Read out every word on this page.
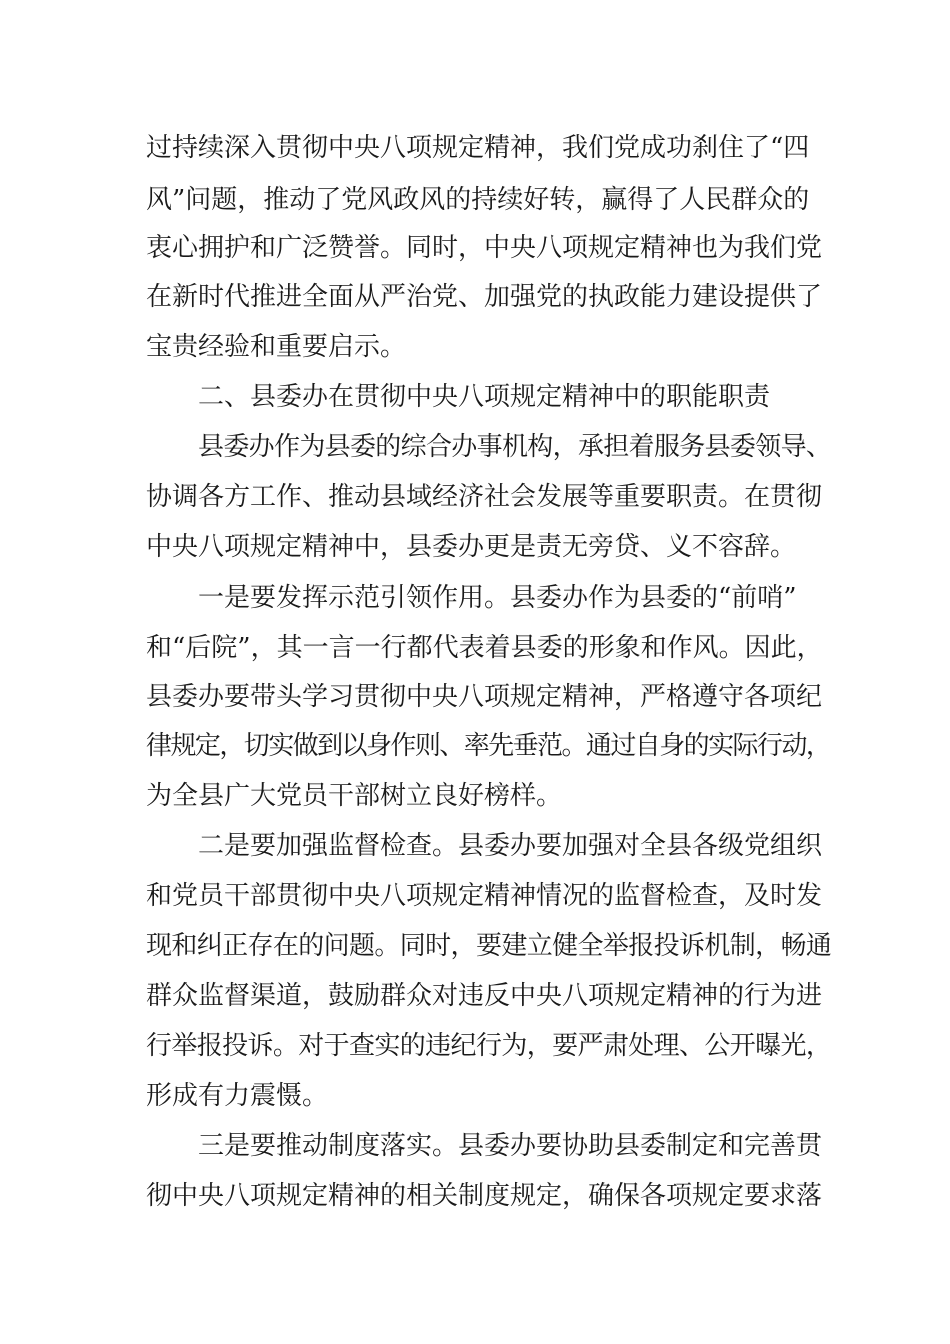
过持续深入贯彻中央八项规定精神，我们党成功刹住了“四
风”问题，推动了党风政风的持续好转，赢得了人民群众的
衷心拥护和广泛赞誉。同时，中央八项规定精神也为我们党
在新时代推进全面从严治党、加强党的执政能力建设提供了
宝贵经验和重要启示。
二、县委办在贯彻中央八项规定精神中的职能职责
县委办作为县委的综合办事机构，承担着服务县委领导、
协调各方工作、推动县域经济社会发展等重要职责。在贯彻
中央八项规定精神中，县委办更是责无旁贷、义不容辞。
一是要发挥示范引领作用。县委办作为县委的“前哨”
和“后院”，其一言一行都代表着县委的形象和作风。因此，
县委办要带头学习贯彻中央八项规定精神，严格遵守各项纪
律规定，切实做到以身作则、率先垂范。通过自身的实际行动，
为全县广大党员干部树立良好榜样。
二是要加强监督检查。县委办要加强对全县各级党组织
和党员干部贯彻中央八项规定精神情况的监督检查，及时发
现和纠正存在的问题。同时，要建立健全举报投诉机制，畅通
群众监督渠道，鼓励群众对违反中央八项规定精神的行为进
行举报投诉。对于查实的违纪行为，要严肃处理、公开曝光，
形成有力震慑。
三是要推动制度落实。县委办要协助县委制定和完善贯
彻中央八项规定精神的相关制度规定，确保各项规定要求落
